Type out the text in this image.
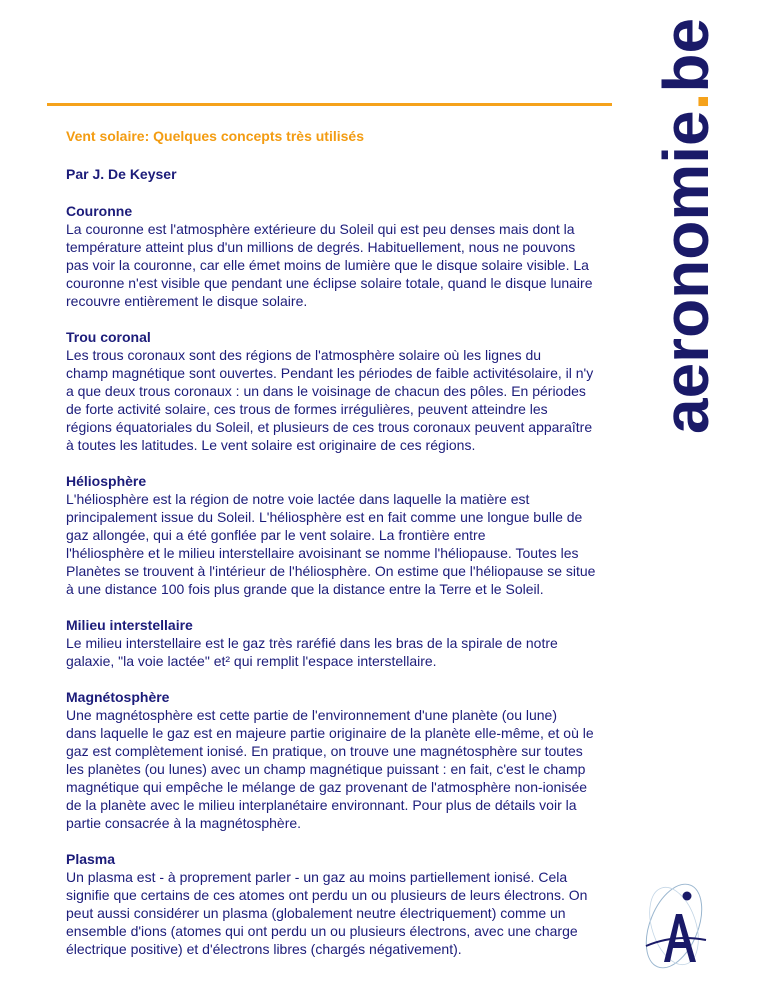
Vent solaire: Quelques concepts très utilisés
Par J. De Keyser
Couronne

La couronne est l'atmosphère extérieure du Soleil qui est peu denses mais dont la

température atteint plus d'un millions de degrés. Habituellement, nous ne pouvons

pas voir la couronne, car elle émet moins de lumière que le disque solaire visible. La

couronne n'est visible que pendant une éclipse solaire totale, quand le disque lunaire

recouvre entièrement le disque solaire.

Trou coronal

Les trous coronaux sont des régions de l'atmosphère solaire où les lignes du

champ magnétique sont ouvertes. Pendant les périodes de faible activitésolaire, il n'y

a que deux trous coronaux : un dans le voisinage de chacun des pôles. En périodes

de forte activité solaire, ces trous de formes irrégulières, peuvent atteindre les

régions équatoriales du Soleil, et plusieurs de ces trous coronaux peuvent apparaître

à toutes les latitudes. Le vent solaire est originaire de ces régions.

Héliosphère

L'héliosphère est la région de notre voie lactée dans laquelle la matière est

principalement issue du Soleil. L'héliosphère est en fait comme une longue bulle de

gaz allongée, qui a été gonflée par le vent solaire. La frontière entre

l'héliosphère et le milieu interstellaire avoisinant se nomme l'héliopause. Toutes les

Planètes se trouvent à l'intérieur de l'héliosphère. On estime que l'héliopause se situe

à une distance 100 fois plus grande que la distance entre la Terre et le Soleil.

Milieu interstellaire

Le milieu interstellaire est le gaz très raréfié dans les bras de la spirale de notre

galaxie, "la voie lactée" et² qui remplit l'espace interstellaire.

Magnétosphère

Une magnétosphère est cette partie de l'environnement d'une planète (ou lune)

dans laquelle le gaz est en majeure partie originaire de la planète elle-même, et où le

gaz est complètement ionisé. En pratique, on trouve une magnétosphère sur toutes

les planètes (ou lunes) avec un champ magnétique puissant : en fait, c'est le champ

magnétique qui empêche le mélange de gaz provenant de l'atmosphère non-ionisée

de la planète avec le milieu interplanétaire environnant. Pour plus de détails voir la

partie consacrée à la magnétosphère.

Plasma

Un plasma est - à proprement parler - un gaz au moins partiellement ionisé. Cela

signifie que certains de ces atomes ont perdu un ou plusieurs de leurs électrons. On

peut aussi considérer un plasma (globalement neutre électriquement) comme un

ensemble d'ions (atomes qui ont perdu un ou plusieurs électrons, avec une charge

électrique positive) et d'électrons libres (chargés négativement).

aeronomie.be
